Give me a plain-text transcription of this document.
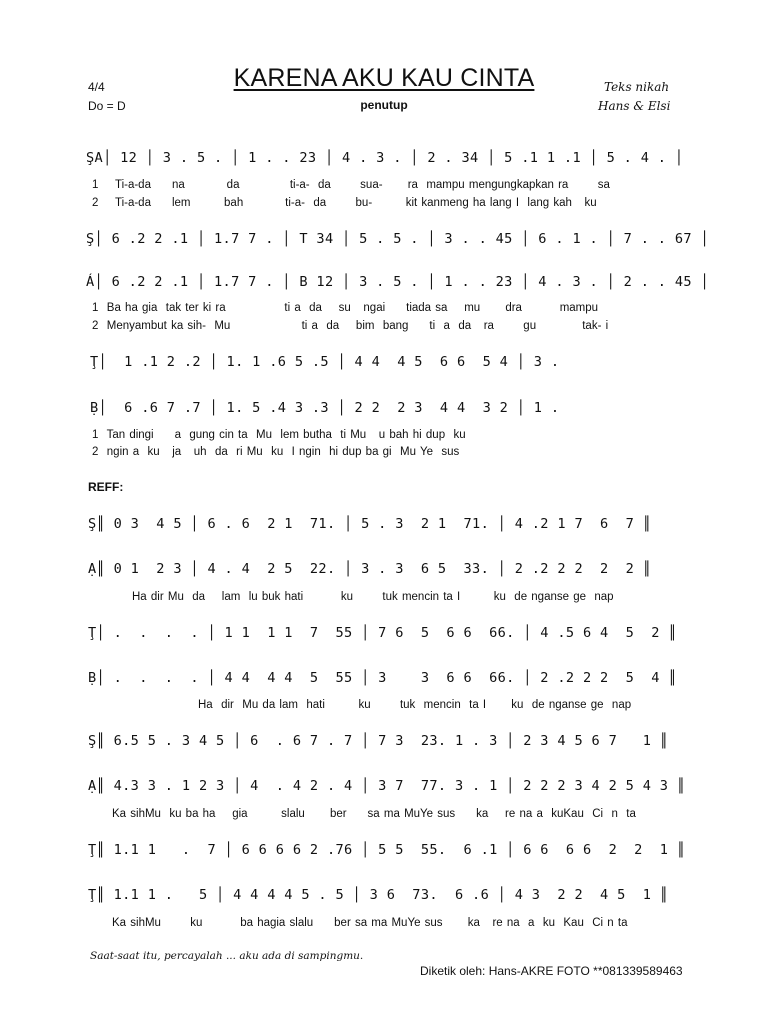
4/4
Do = D
KARENA AKU KAU CINTA
penutup
Teks nikah
Hans & Elsi
ŞA│ 12 │ 3 . 5 . │ 1 . . 23 │ 4 . 3 . │ 2 . 34 │ 5 .1 1 .1 │ 5 . 4 . │
1    Ti-a-da     na          da            ti-a-  da       sua-      ra  mampu mengungkapkan ra       sa
2    Ti-a-da     lem        bah          ti-a-  da       bu-        kit kanmeng ha lang I  lang kah   ku
Ş│ 6 .2 2 .1 │ 1.7 7 . │ T 34 │ 5 . 5 . │ 3 . . 45 │ 6 . 1 . │ 7 . . 67 │
Á│ 6 .2 2 .1 │ 1.7 7 . │ B 12 │ 3 . 5 . │ 1 . . 23 │ 4 . 3 . │ 2 . . 45 │
1  Ba ha gia  tak ter ki ra              ti a  da    su   ngai     tiada sa    mu      dra         mampu
2  Menyambut ka sih-  Mu                 ti a  da    bim  bang     ti  a  da   ra       gu           tak- i
Ţ│  1 .1 2 .2 │ 1. 1 .6 5 .5 │ 4 4  4 5  6 6  5 4 │ 3 .
Ḅ│  6 .6 7 .7 │ 1. 5 .4 3 .3 │ 2 2  2 3  4 4  3 2 │ 1 .
1  Tan dingi     a  gung cin ta  Mu  lem butha  ti Mu   u bah hi dup  ku
2  ngin a  ku   ja   uh  da  ri Mu  ku  I ngin  hi dup ba gi  Mu Ye  sus
REFF:
Ş║ 0 3  4 5 │ 6 . 6  2 1  71. │ 5 . 3  2 1  71. │ 4 .2 1 7  6  7 ║
Ạ║ 0 1  2 3 │ 4 . 4  2 5  22. │ 3 . 3  6 5  33. │ 2 .2 2 2  2  2 ║
Ha dir Mu  da    lam  lu buk hati         ku       tuk mencin ta I        ku  de nganse ge  nap
Ţ│ .  .  .  . │ 1 1  1 1  7  55 │ 7 6  5  6 6  66. │ 4 .5 6 4  5  2 ║
Ḅ│ .  .  .  . │ 4 4  4 4  5  55 │ 3    3  6 6  66. │ 2 .2 2 2  5  4 ║
Ha  dir  Mu da lam  hati        ku       tuk  mencin  ta I      ku  de nganse ge  nap
Ş║ 6.5 5 . 3 4 5 │ 6  . 6 7 . 7 │ 7 3  23. 1 . 3 │ 2 3 4 5 6 7   1 ║
Ạ║ 4.3 3 . 1 2 3 │ 4  . 4 2 . 4 │ 3 7  77. 3 . 1 │ 2 2 2 3 4 2 5 4 3 ║
Ka sihMu  ku ba ha    gia        slalu      ber     sa ma MuYe sus     ka    re na a  kuKau  Ci  n  ta
Ţ║ 1.1 1   .  7 │ 6 6 6 6 2 .76 │ 5 5  55.  6 .1 │ 6 6  6 6  2  2  1 ║
Ţ║ 1.1 1 .   5 │ 4 4 4 4 5 . 5 │ 3 6  73.  6 .6 │ 4 3  2 2  4 5  1 ║
Ka sihMu       ku         ba hagia slalu     ber sa ma MuYe sus      ka   re na  a  ku  Kau  Ci n ta
Saat-saat itu, percayalah ... aku ada di sampingmu.
Diketik oleh: Hans-AKRE FOTO **081339589463
